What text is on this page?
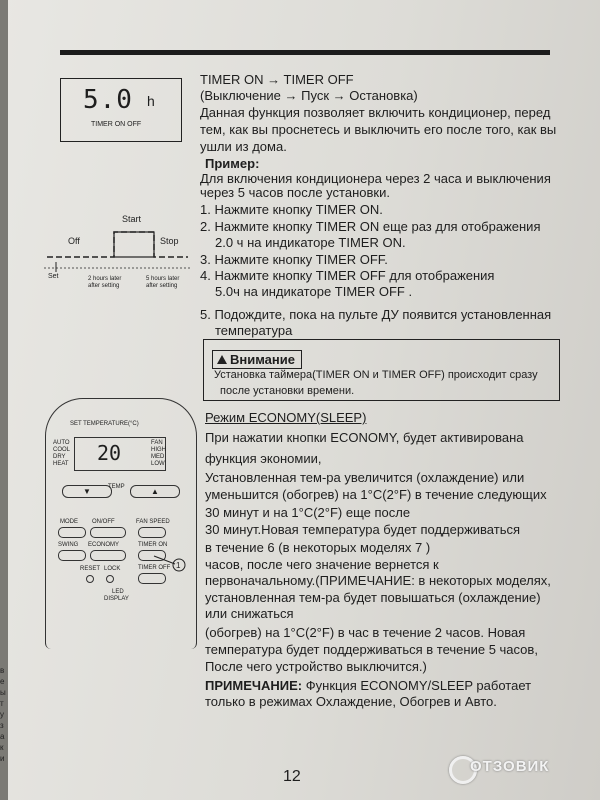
в
е
ы
т
у
з
а
к
и
5.0 h
TIMER ON OFF
Start
Off	Stop
Set	2 hours later
after setting
5 hours later
after setting
TIMER ON → TIMER OFF
(Выключение → Пуск → Остановка)
Данная функция позволяет включить кондиционер, перед
тем, как вы проснетесь и выключить его после того, как вы
ушли из дома.
Пример:
Для включения кондиционера через 2 часа и выключения
через 5 часов после установки.
1. Нажмите кнопку TIMER ON.
2. Нажмите кнопку TIMER ON еще раз для отображения
2.0 ч на индикаторе TIMER ON.
3. Нажмите кнопку TIMER OFF.
4. Нажмите кнопку TIMER OFF для отображения
5.0ч на индикаторе TIMER OFF .
5. Подождите, пока на пульте ДУ появится установленная
температура
Внимание
Установка таймера(TIMER ON и TIMER OFF) происходит сразу
после установки времени.
Режим ECONOMY(SLEEP)
При нажатии кнопки ECONOMY, будет активирована
функция экономии,
Установленная тем-ра увеличится (охлаждение) или
уменьшится (обогрев) на 1°С(2°F) в течение следующих
30 минут и на 1°С(2°F) еще после
30 минут.Новая температура будет поддерживаться
в течение 6 (в некоторых моделях 7 )
часов, после чего значение вернется к
первоначальному.(ПРИМЕЧАНИЕ: в некоторых моделях,
установленная тем-ра будет повышаться (охлаждение)
или снижаться
(обогрев) на 1°С(2°F) в час в течение 2 часов. Новая
температура будет поддерживаться в течение 5 часов,
После чего устройство выключится.)
ПРИМЕЧАНИЕ: Функция ECONOMY/SLEEP работает
только в режимах Охлаждение, Обогрев и Авто.
SET TEMPERATURE(°C)
AUTO
COOL
DRY
HEAT 20	FAN
HIGH
MED
LOW
▼	TEMP	▲
MODE ON/OFF	FAN SPEED
SWING ECONOMY	TIMER ON
RESET LOCK	TIMER OFF
LED
DISPLAY
1
12
ОТЗОВИК
